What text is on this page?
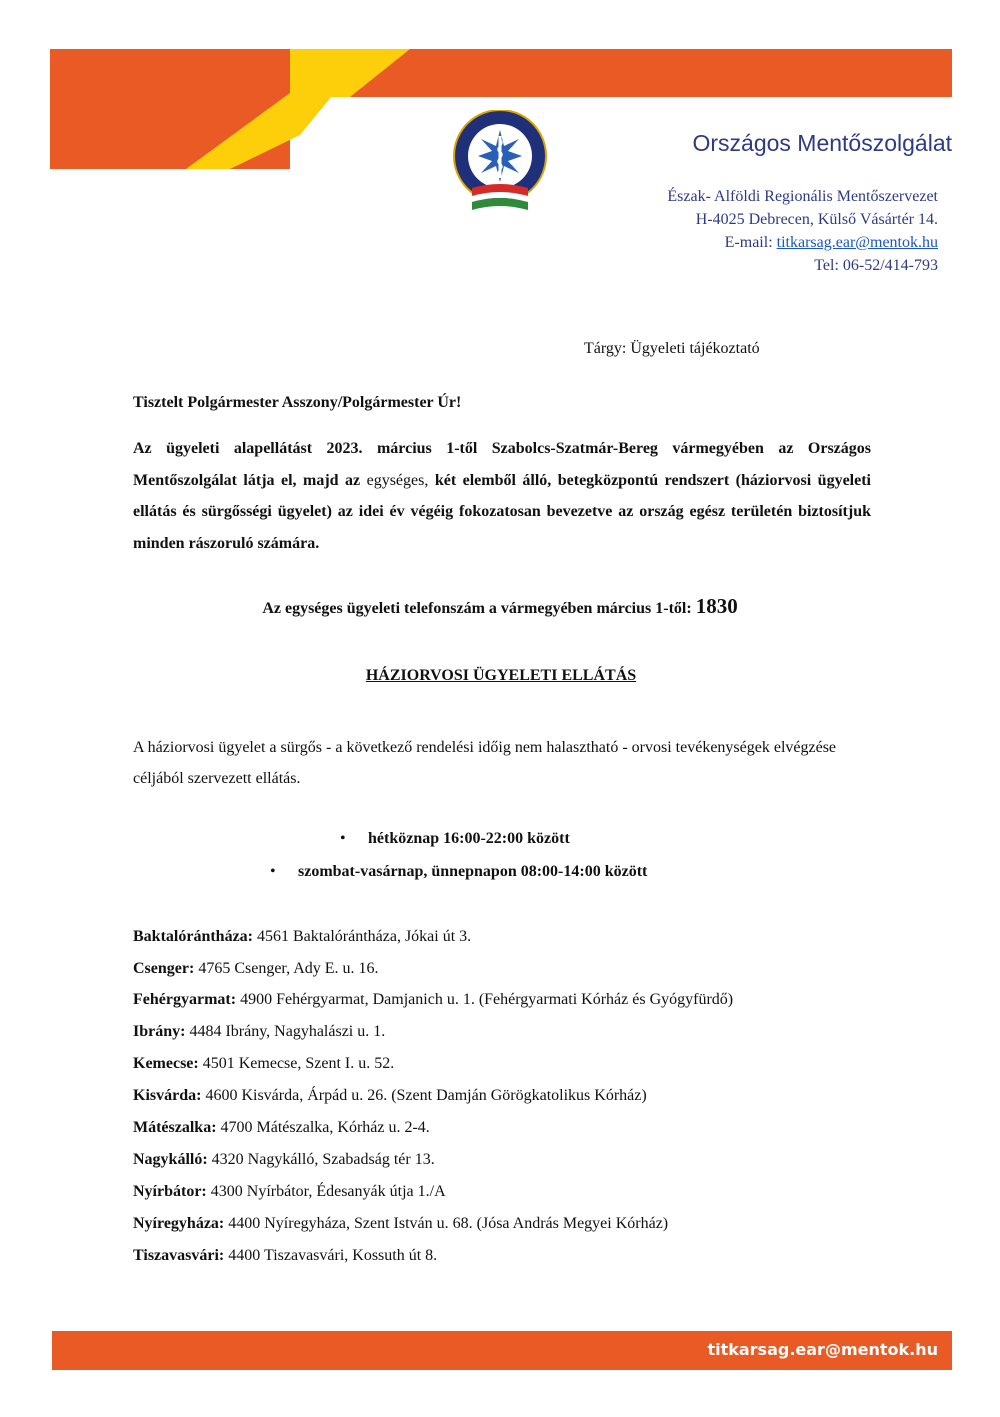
Országos Mentőszolgálat
Észak- Alföldi Regionális Mentőszervezet
H-4025 Debrecen, Külső Vásártér 14.
E-mail: titkarsag.ear@mentok.hu
Tel: 06-52/414-793
Tárgy: Ügyeleti tájékoztató
Tisztelt Polgármester Asszony/Polgármester Úr!

Az ügyeleti alapellátást 2023. március 1-től Szabolcs-Szatmár-Bereg vármegyében az Országos Mentőszolgálat látja el, majd az egységes, két elemből álló, betegközpontú rendszert (háziorvosi ügyeleti ellátás és sürgősségi ügyelet) az idei év végéig fokozatosan bevezetve az ország egész területén biztosítjuk minden rászoruló számára.

Az egységes ügyeleti telefonszám a vármegyében március 1-től: 1830
HÁZIORVOSI ÜGYELETI ELLÁTÁS

A háziorvosi ügyelet a sürgős - a következő rendelési időig nem halasztható - orvosi tevékenységek elvégzése céljából szervezett ellátás.

• hétköznap 16:00-22:00 között
• szombat-vasárnap, ünnepnapon 08:00-14:00 között
Baktalórántháza: 4561 Baktalórántháza, Jókai út 3.
Csenger: 4765 Csenger, Ady E. u. 16.
Fehérgyarmat: 4900 Fehérgyarmat, Damjanich u. 1. (Fehérgyarmati Kórház és Gyógyfürdő)
Ibrány: 4484 Ibrány, Nagyhalászi u. 1.
Kemecse: 4501 Kemecse, Szent I. u. 52.
Kisvárda: 4600 Kisvárda, Árpád u. 26. (Szent Damján Görögkatolikus Kórház)
Mátészalka: 4700 Mátészalka, Kórház u. 2-4.
Nagykálló: 4320 Nagykálló, Szabadság tér 13.
Nyírbátor: 4300 Nyírbátor, Édesanyák útja 1./A
Nyíregyháza: 4400 Nyíregyháza, Szent István u. 68. (Jósa András Megyei Kórház)
Tiszavasvári: 4400 Tiszavasvári, Kossuth út 8.
titkarsag.ear@mentok.hu
